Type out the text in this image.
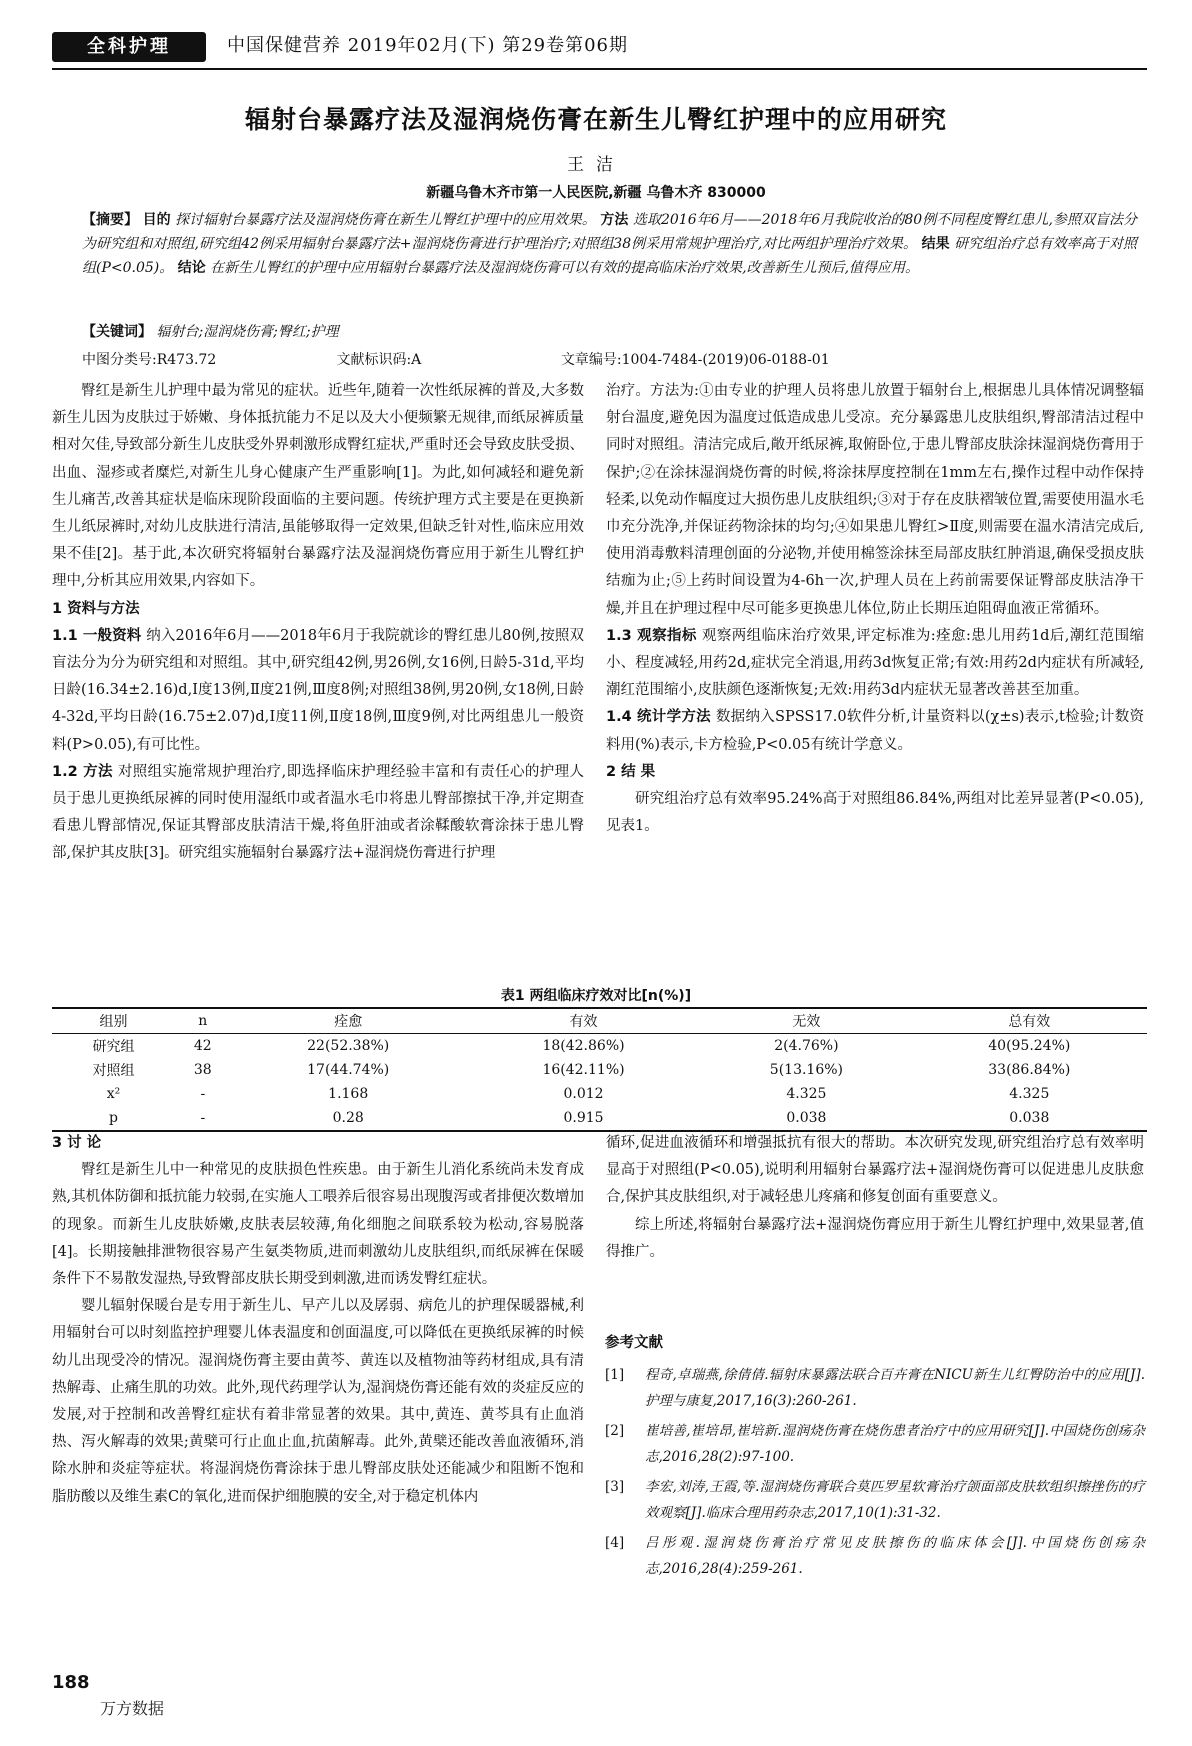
全科护理	中国保健营养 2019年02月(下) 第29卷第06期
辐射台暴露疗法及湿润烧伤膏在新生儿臀红护理中的应用研究
王洁
新疆乌鲁木齐市第一人民医院,新疆 乌鲁木齐 830000
【摘要】 目的 探讨辐射台暴露疗法及湿润烧伤膏在新生儿臀红护理中的应用效果。 方法 选取2016年6月——2018年6月我院收治的80例不同程度臀红患儿,参照双盲法分为研究组和对照组,研究组42例采用辐射台暴露疗法+湿润烧伤膏进行护理治疗;对照组38例采用常规护理治疗,对比两组护理治疗效果。 结果 研究组治疗总有效率高于对照组(P<0.05)。 结论 在新生儿臀红的护理中应用辐射台暴露疗法及湿润烧伤膏可以有效的提高临床治疗效果,改善新生儿预后,值得应用。
【关键词】 辐射台;湿润烧伤膏;臀红;护理
中图分类号:R473.72	文献标识码:A	文章编号:1004-7484-(2019)06-0188-01

臀红是新生儿护理中最为常见的症状。近些年,随着一次性纸尿裤的普及,大多数新生儿因为皮肤过于娇嫩、身体抵抗能力不足以及大小便频繁无规律,而纸尿裤质量相对欠佳,导致部分新生儿皮肤受外界刺激形成臀红症状,严重时还会导致皮肤受损、出血、湿疹或者糜烂,对新生儿身心健康产生严重影响[1]。为此,如何减轻和避免新生儿痛苦,改善其症状是临床现阶段面临的主要问题。传统护理方式主要是在更换新生儿纸尿裤时,对幼儿皮肤进行清洁,虽能够取得一定效果,但缺乏针对性,临床应用效果不佳[2]。基于此,本次研究将辐射台暴露疗法及湿润烧伤膏应用于新生儿臀红护理中,分析其应用效果,内容如下。

1 资料与方法

1.1 一般资料 纳入2016年6月——2018年6月于我院就诊的臀红患儿80例,按照双盲法分为分为研究组和对照组。其中,研究组42例,男26例,女16例,日龄5-31d,平均日龄(16.34±2.16)d,Ⅰ度13例,Ⅱ度21例,Ⅲ度8例;对照组38例,男20例,女18例,日龄4-32d,平均日龄(16.75±2.07)d,Ⅰ度11例,Ⅱ度18例,Ⅲ度9例,对比两组患儿一般资料(P>0.05),有可比性。

1.2 方法 对照组实施常规护理治疗,即选择临床护理经验丰富和有责任心的护理人员于患儿更换纸尿裤的同时使用湿纸巾或者温水毛巾将患儿臀部擦拭干净,并定期查看患儿臀部情况,保证其臀部皮肤清洁干燥,将鱼肝油或者涂鞣酸软膏涂抹于患儿臀部,保护其皮肤[3]。研究组实施辐射台暴露疗法+湿润烧伤膏进行护理

治疗。方法为:①由专业的护理人员将患儿放置于辐射台上,根据患儿具体情况调整辐射台温度,避免因为温度过低造成患儿受凉。充分暴露患儿皮肤组织,臀部清洁过程中同时对照组。清洁完成后,敞开纸尿裤,取俯卧位,于患儿臀部皮肤涂抹湿润烧伤膏用于保护;②在涂抹湿润烧伤膏的时候,将涂抹厚度控制在1mm左右,操作过程中动作保持轻柔,以免动作幅度过大损伤患儿皮肤组织;③对于存在皮肤褶皱位置,需要使用温水毛巾充分洗净,并保证药物涂抹的均匀;④如果患儿臀红>Ⅱ度,则需要在温水清洁完成后,使用消毒敷料清理创面的分泌物,并使用棉签涂抹至局部皮肤红肿消退,确保受损皮肤结痂为止;⑤上药时间设置为4-6h一次,护理人员在上药前需要保证臀部皮肤洁净干燥,并且在护理过程中尽可能多更换患儿体位,防止长期压迫阻碍血液正常循环。

1.3 观察指标 观察两组临床治疗效果,评定标准为:痊愈:患儿用药1d后,潮红范围缩小、程度减轻,用药2d,症状完全消退,用药3d恢复正常;有效:用药2d内症状有所减轻,潮红范围缩小,皮肤颜色逐渐恢复;无效:用药3d内症状无显著改善甚至加重。

1.4 统计学方法 数据纳入SPSS17.0软件分析,计量资料以(χ±s)表示,t检验;计数资料用(%)表示,卡方检验,P<0.05有统计学意义。

2 结 果

研究组治疗总有效率95.24%高于对照组86.84%,两组对比差异显著(P<0.05),见表1。

表1 两组临床疗效对比[n(%)]
组别	n	痊愈	有效	无效	总有效
研究组	42	22(52.38%)	18(42.86%)	2(4.76%)	40(95.24%)
对照组	38	17(44.74%)	16(42.11%)	5(13.16%)	33(86.84%)
x²	-	1.168	0.012	4.325	4.325
p	-	0.28	0.915	0.038	0.038

3 讨 论

臀红是新生儿中一种常见的皮肤损色性疾患。由于新生儿消化系统尚未发育成熟,其机体防御和抵抗能力较弱,在实施人工喂养后很容易出现腹泻或者排便次数增加的现象。而新生儿皮肤娇嫩,皮肤表层较薄,角化细胞之间联系较为松动,容易脱落[4]。长期接触排泄物很容易产生氨类物质,进而刺激幼儿皮肤组织,而纸尿裤在保暖条件下不易散发湿热,导致臀部皮肤长期受到刺激,进而诱发臀红症状。

婴儿辐射保暖台是专用于新生儿、早产儿以及孱弱、病危儿的护理保暖器械,利用辐射台可以时刻监控护理婴儿体表温度和创面温度,可以降低在更换纸尿裤的时候幼儿出现受冷的情况。湿润烧伤膏主要由黄芩、黄连以及植物油等药材组成,具有清热解毒、止痛生肌的功效。此外,现代药理学认为,湿润烧伤膏还能有效的炎症反应的发展,对于控制和改善臀红症状有着非常显著的效果。其中,黄连、黄芩具有止血消热、泻火解毒的效果;黄檗可行止血止血,抗菌解毒。此外,黄檗还能改善血液循环,消除水肿和炎症等症状。将湿润烧伤膏涂抹于患儿臀部皮肤处还能减少和阻断不饱和脂肪酸以及维生素C的氧化,进而保护细胞膜的安全,对于稳定机体内

循环,促进血液循环和增强抵抗有很大的帮助。本次研究发现,研究组治疗总有效率明显高于对照组(P<0.05),说明利用辐射台暴露疗法+湿润烧伤膏可以促进患儿皮肤愈合,保护其皮肤组织,对于减轻患儿疼痛和修复创面有重要意义。

综上所述,将辐射台暴露疗法+湿润烧伤膏应用于新生儿臀红护理中,效果显著,值得推广。

参考文献
[1]	程奇,卓瑞燕,徐倩倩.辐射床暴露法联合百卉膏在NICU新生儿红臀防治中的应用[J].护理与康复,2017,16(3):260-261.
[2]	崔培善,崔培昂,崔培新.湿润烧伤膏在烧伤患者治疗中的应用研究[J].中国烧伤创疡杂志,2016,28(2):97-100.
[3]	李宏,刘涛,王霞,等.湿润烧伤膏联合莫匹罗星软膏治疗颌面部皮肤软组织擦挫伤的疗效观察[J].临床合理用药杂志,2017,10(1):31-32.
[4]	吕彤观.湿润烧伤膏治疗常见皮肤擦伤的临床体会[J].中国烧伤创疡杂志,2016,28(4):259-261.
188
万方数据
